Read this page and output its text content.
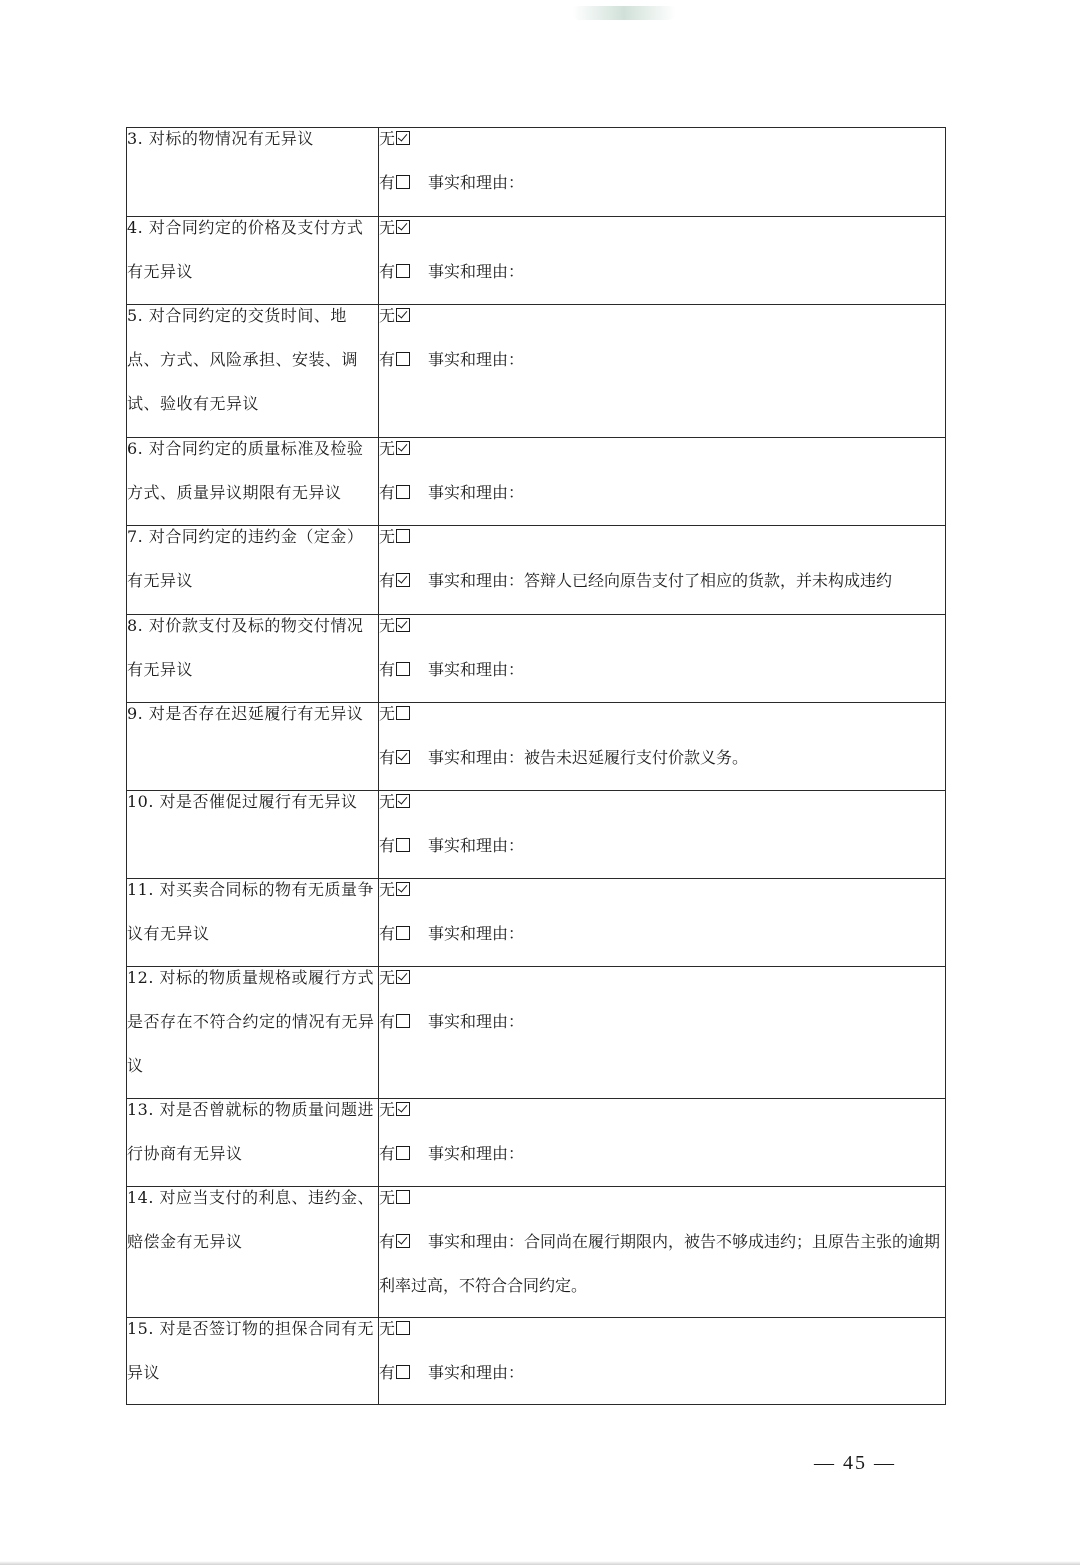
3. 对标的物情况有无异议	无
有 事实和理由：

4. 对合同约定的价格及支付方式有无异议	无
有 事实和理由：

5. 对合同约定的交货时间、地点、方式、风险承担、安装、调试、验收有无异议	无
有 事实和理由：

6. 对合同约定的质量标准及检验方式、质量异议期限有无异议	无
有 事实和理由：

7. 对合同约定的违约金（定金）有无异议	无
有 事实和理由：答辩人已经向原告支付了相应的货款，并未构成违约

8. 对价款支付及标的物交付情况有无异议	无
有 事实和理由：

9. 对是否存在迟延履行有无异议	无
有 事实和理由：被告未迟延履行支付价款义务。

10. 对是否催促过履行有无异议	无
有 事实和理由：

11. 对买卖合同标的物有无质量争议有无异议	无
有 事实和理由：

12. 对标的物质量规格或履行方式是否存在不符合约定的情况有无异议	无
有 事实和理由：

13. 对是否曾就标的物质量问题进行协商有无异议	无
有 事实和理由：

14. 对应当支付的利息、违约金、赔偿金有无异议	无
有 事实和理由：合同尚在履行期限内，被告不够成违约；且原告主张的逾期利率过高，不符合合同约定。

15. 对是否签订物的担保合同有无异议	无
有 事实和理由：
— 45 —
